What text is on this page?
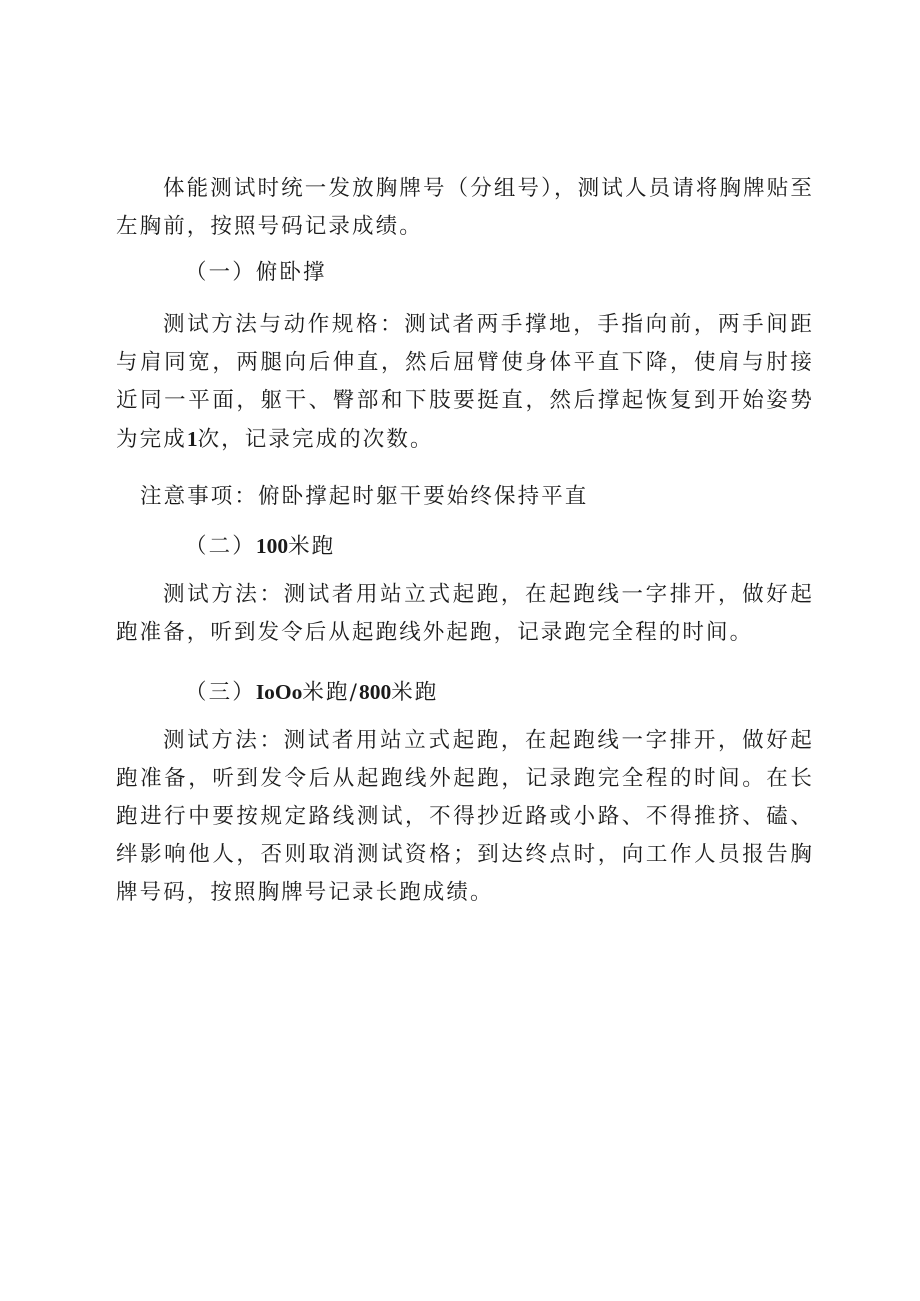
体能测试时统一发放胸牌号（分组号），测试人员请将胸牌贴至左胸前，按照号码记录成绩。

（一）俯卧撑

测试方法与动作规格：测试者两手撑地，手指向前，两手间距与肩同宽，两腿向后伸直，然后屈臂使身体平直下降，使肩与肘接近同一平面，躯干、臀部和下肢要挺直，然后撑起恢复到开始姿势为完成1次，记录完成的次数。

注意事项：俯卧撑起时躯干要始终保持平直

（二）100米跑

测试方法：测试者用站立式起跑，在起跑线一字排开，做好起跑准备，听到发令后从起跑线外起跑，记录跑完全程的时间。

（三）IoOo米跑/800米跑

测试方法：测试者用站立式起跑，在起跑线一字排开，做好起跑准备，听到发令后从起跑线外起跑，记录跑完全程的时间。在长跑进行中要按规定路线测试，不得抄近路或小路、不得推挤、磕、绊影响他人，否则取消测试资格；到达终点时，向工作人员报告胸牌号码，按照胸牌号记录长跑成绩。
